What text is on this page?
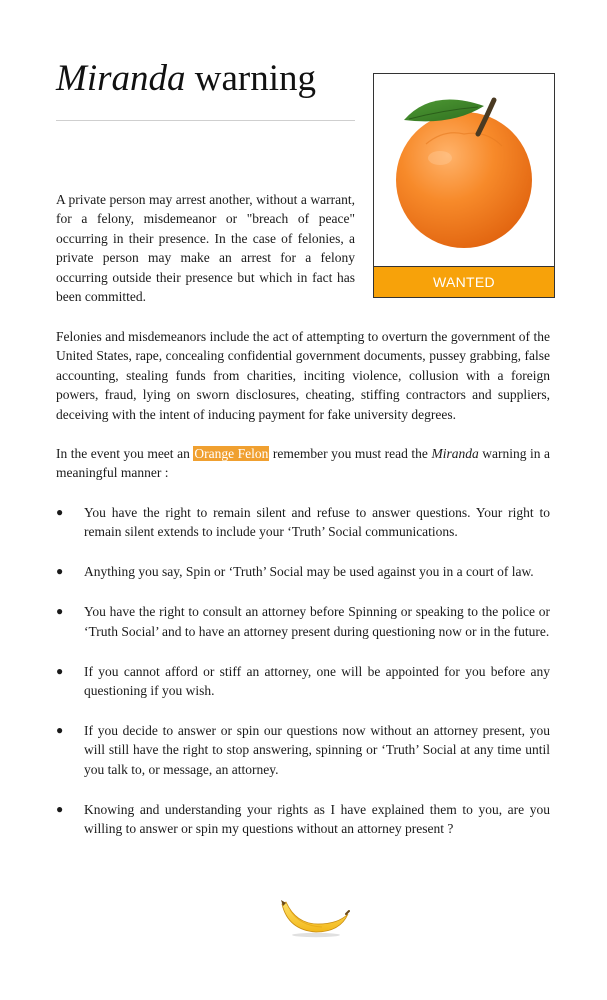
Miranda warning
WANTED

A private person may arrest another, without a warrant, for a felony, misdemeanor or "breach of peace" occurring in their presence. In the case of felonies, a private person may make an arrest for a felony occurring outside their presence but which in fact has been committed.

Felonies and misdemeanors include the act of attempting to overturn the government of the United States, rape, concealing confidential government documents, pussey grabbing, false accounting, stealing funds from charities, inciting violence, collusion with a foreign powers, fraud, lying on sworn disclosures, cheating, stiffing contractors and suppliers, deceiving with the intent of inducing payment for fake university degrees.

In the event you meet an Orange Felon remember you must read the Miranda warning in a meaningful manner :

● You have the right to remain silent and refuse to answer questions. Your right to remain silent extends to include your ‘Truth’ Social communications.
● Anything you say, Spin or ‘Truth’ Social may be used against you in a court of law.
● You have the right to consult an attorney before Spinning or speaking to the police or ‘Truth Social’ and to have an attorney present during questioning now or in the future.
● If you cannot afford or stiff an attorney, one will be appointed for you before any questioning if you wish.
● If you decide to answer or spin our questions now without an attorney present, you will still have the right to stop answering, spinning or ‘Truth’ Social at any time until you talk to, or message, an attorney.
● Knowing and understanding your rights as I have explained them to you, are you willing to answer or spin my questions without an attorney present ?
